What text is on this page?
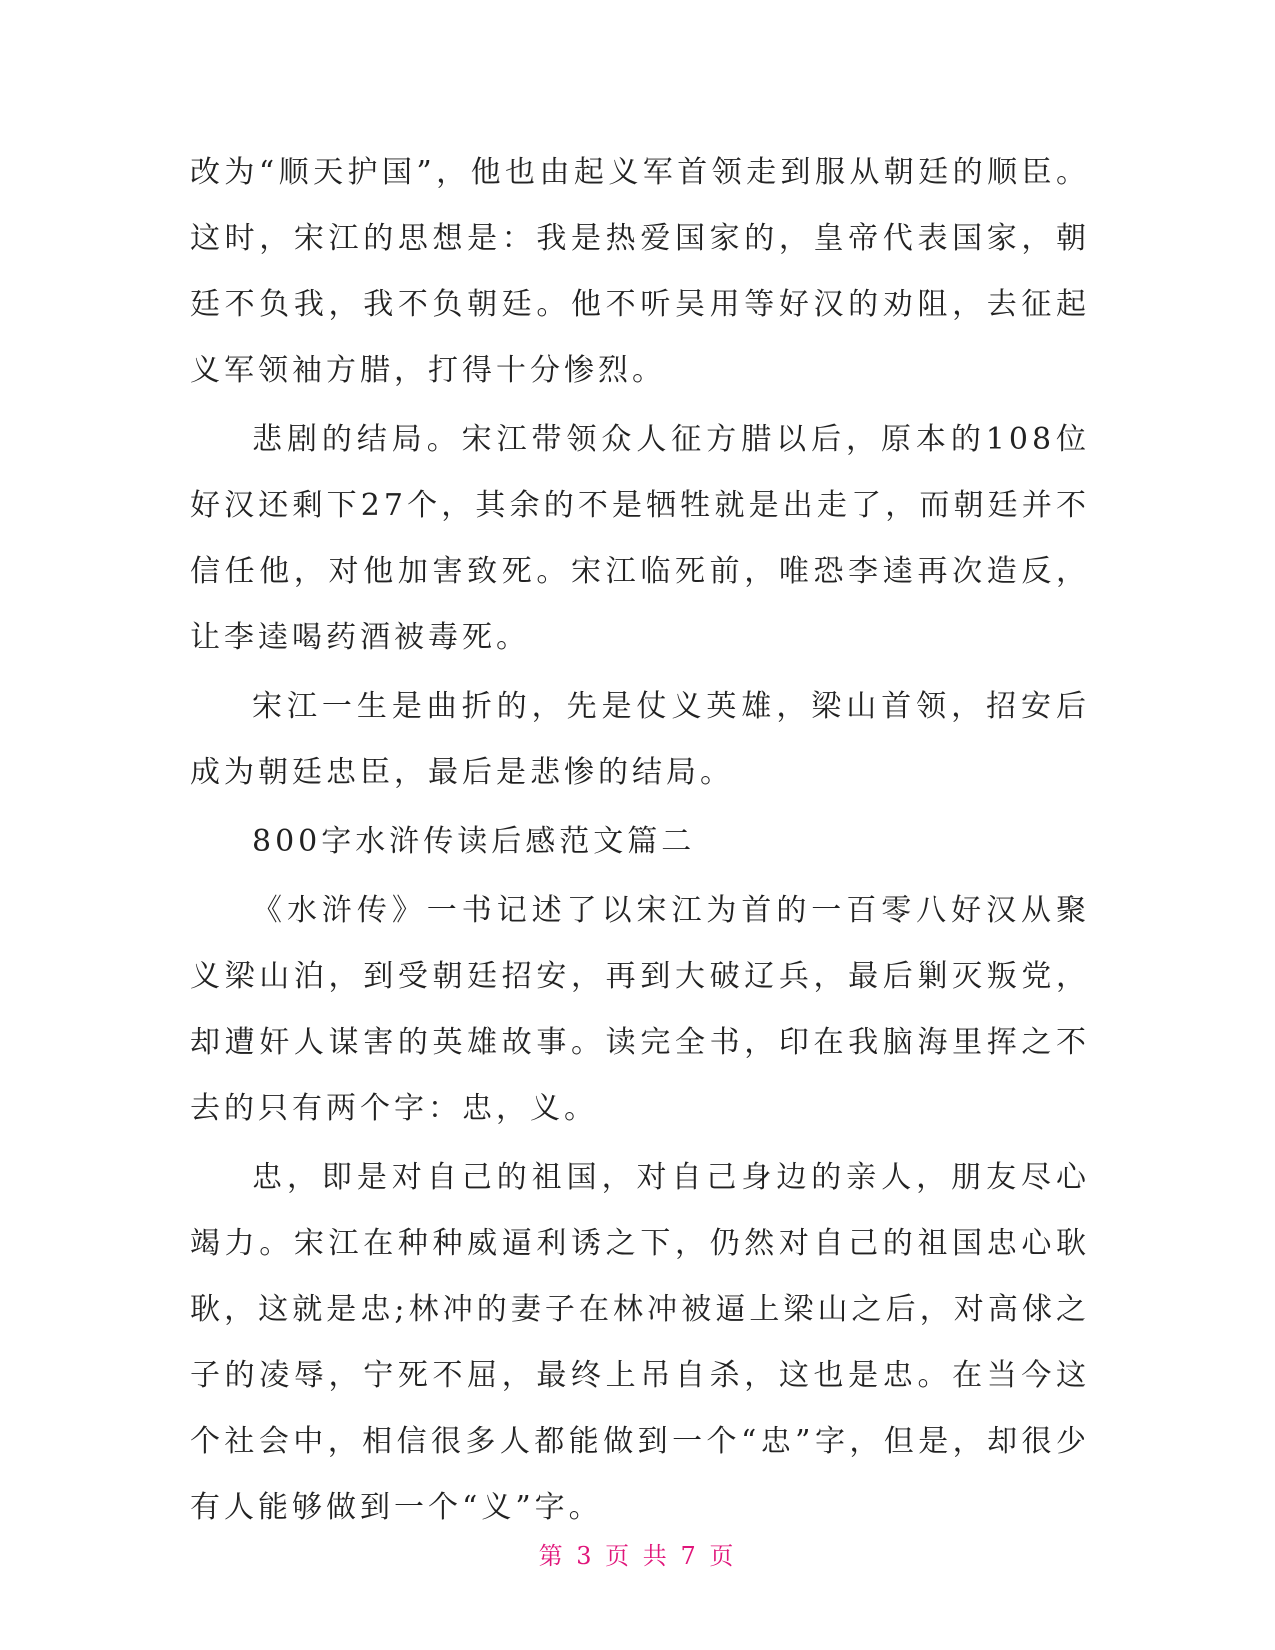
改为“顺天护国”，他也由起义军首领走到服从朝廷的顺臣。这时，宋江的思想是：我是热爱国家的，皇帝代表国家，朝廷不负我，我不负朝廷。他不听吴用等好汉的劝阻，去征起义军领袖方腊，打得十分惨烈。

悲剧的结局。宋江带领众人征方腊以后，原本的108位好汉还剩下27个，其余的不是牺牲就是出走了，而朝廷并不信任他，对他加害致死。宋江临死前，唯恐李逵再次造反，让李逵喝药酒被毒死。

宋江一生是曲折的，先是仗义英雄，梁山首领，招安后成为朝廷忠臣，最后是悲惨的结局。

800字水浒传读后感范文篇二

《水浒传》一书记述了以宋江为首的一百零八好汉从聚义梁山泊，到受朝廷招安，再到大破辽兵，最后剿灭叛党，却遭奸人谋害的英雄故事。读完全书，印在我脑海里挥之不去的只有两个字：忠，义。

忠，即是对自己的祖国，对自己身边的亲人，朋友尽心竭力。宋江在种种威逼利诱之下，仍然对自己的祖国忠心耿耿，这就是忠;林冲的妻子在林冲被逼上梁山之后，对高俅之子的凌辱，宁死不屈，最终上吊自杀，这也是忠。在当今这个社会中，相信很多人都能做到一个“忠”字，但是，却很少有人能够做到一个“义”字。

第 3 页 共 7 页
